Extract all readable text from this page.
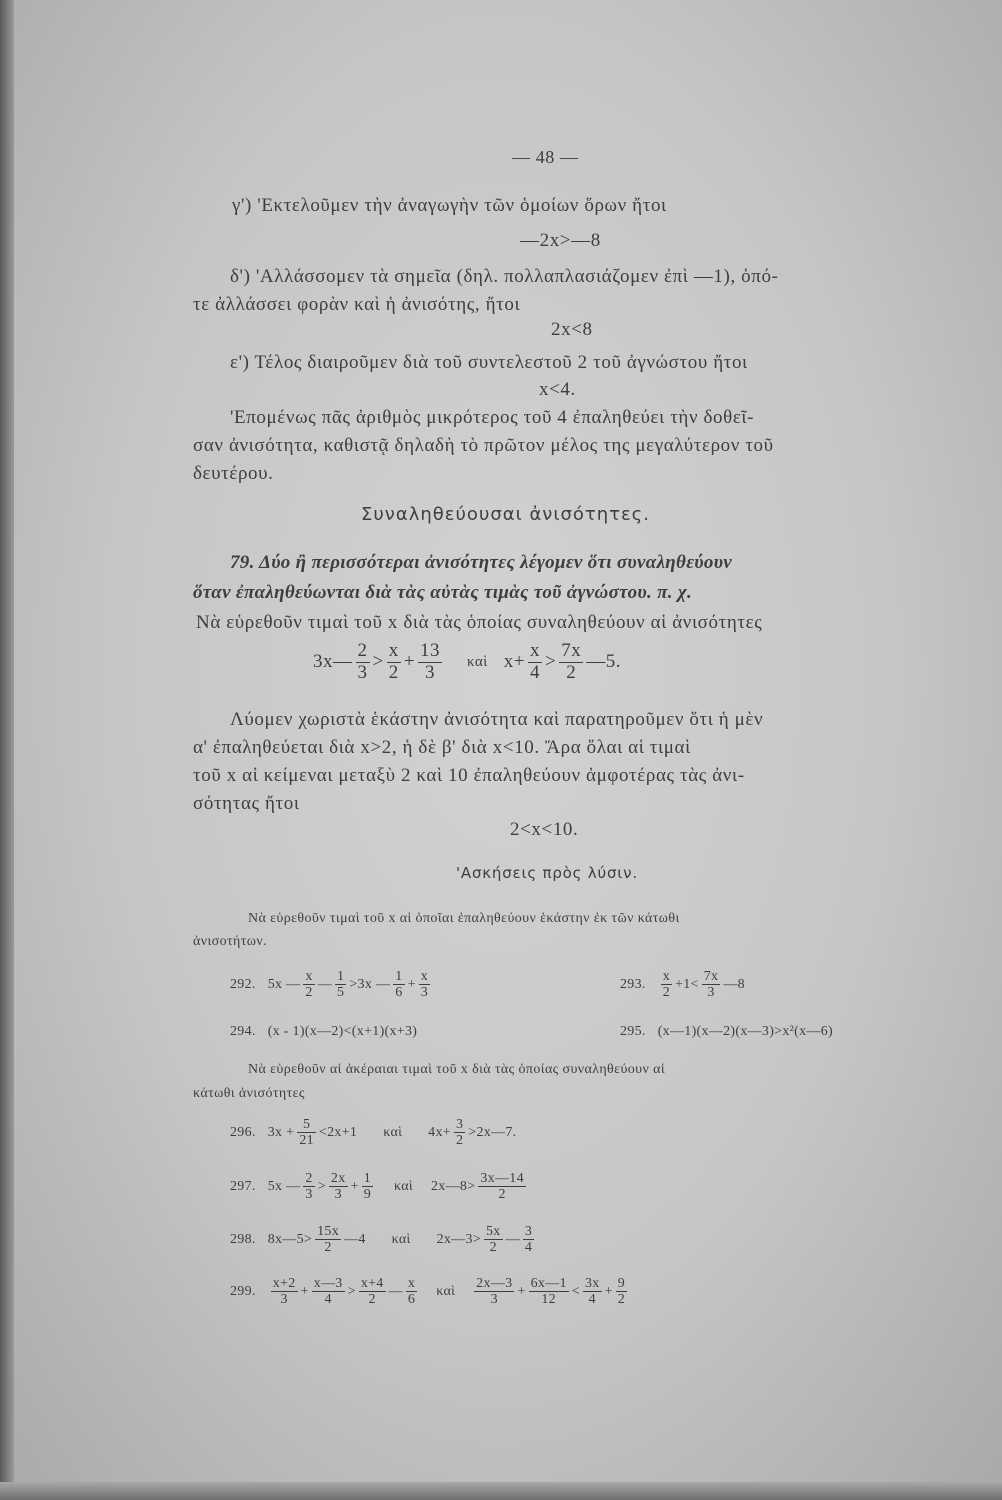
— 48 —
γ') 'Εκτελοῦμεν τὴν ἀναγωγὴν τῶν ὁμοίων ὅρων ἤτοι
—2x>—8
δ') 'Αλλάσσομεν τὰ σημεῖα (δηλ. πολλαπλασιάζομεν ἐπὶ —1), ὁπό-
τε ἀλλάσσει φορὰν καὶ ἡ ἀνισότης, ἤτοι
2x<8
ε') Τέλος διαιροῦμεν διὰ τοῦ συντελεστοῦ 2 τοῦ ἀγνώστου ἤτοι
x<4.
'Επομένως πᾶς ἀριθμὸς μικρότερος τοῦ 4 ἐπαληθεύει τὴν δοθεῖ-
σαν ἀνισότητα, καθιστᾷ δηλαδὴ τὸ πρῶτον μέλος της μεγαλύτερον τοῦ
δευτέρου.
Συναληθεύουσαι ἀνισότητες.
79. Δύο ἢ περισσότεραι ἀνισότητες λέγομεν ὅτι συναληθεύουν
ὅταν ἐπαληθεύωνται διὰ τὰς αὐτὰς τιμὰς τοῦ ἀγνώστου. π. χ.
Νὰ εὑρεθοῦν τιμαὶ τοῦ x διὰ τὰς ὁποίας συναληθεύουν αἱ ἀνισότητες
3x— $\frac{2}{3} > \frac{x}{2} + \frac{13}{3}$ καὶ $x+ \frac{x}{4} > \frac{7x}{2}$ —5.
Λύομεν χωριστὰ ἑκάστην ἀνισότητα καὶ παρατηροῦμεν ὅτι ἡ μὲν
α' ἐπαληθεύεται διὰ x>2, ἡ δὲ β' διὰ x<10. Ἄρα ὅλαι αἱ τιμαὶ
τοῦ x αἱ κείμεναι μεταξὺ 2 καὶ 10 ἐπαληθεύουν ἀμφοτέρας τὰς ἀνι-
σότητας ἤτοι
2<x<10.
'Ασκήσεις πρὸς λύσιν.
Νὰ εὑρεθοῦν τιμαὶ τοῦ x αἱ ὁποῖαι ἐπαληθεύουν ἑκάστην ἐκ τῶν κάτωθι
ἀνισοτήτων.
292. 5x — $\frac{x}{2}$ — $\frac{1}{5} >3x$ — $\frac{1}{6} + \frac{x}{3}$	293. $\frac{x}{2} +1< \frac{7x}{3}$ —8
294. (x - 1)(x—2)<(x+1)(x+3)	295. (x—1)(x—2)(x—3)>x²(x—6)
Νὰ εὑρεθοῦν αἱ ἀκέραιαι τιμαὶ τοῦ x διὰ τὰς ὁποίας συναληθεύουν αἱ
κάτωθι ἀνισότητες
296. $3x + \frac{5}{21} <2x+1$ καὶ $4x+ \frac{3}{2}$ >2x—7.
297. 5x — $\frac{2}{3} > \frac{2x}{3} + \frac{1}{9}$ καὶ 2x—8> $\frac{3x—14}{2}$
298. 8x—5> $\frac{15x}{2}$ —4 καὶ 2x—3> $\frac{5x}{2}$ — $\frac{3}{4}$
299. $\frac{x+2}{3} + \frac{x—3}{4} > \frac{x+4}{2}$ — $\frac{x}{6}$ καὶ $\frac{2x—3}{3} + \frac{6x—1}{12} < \frac{3x}{4} + \frac{9}{2}$
